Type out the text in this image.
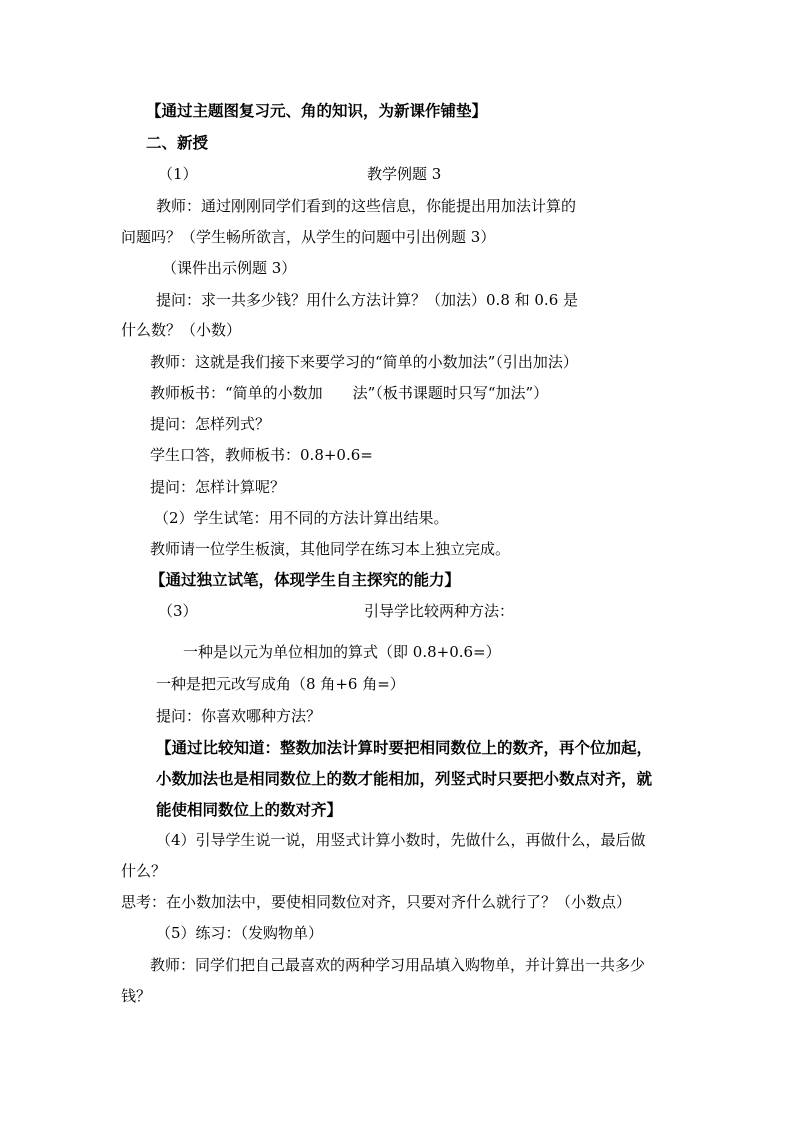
【通过主题图复习元、角的知识，为新课作铺垫】
二、新授
（1）	教学例题 3
教师：通过刚刚同学们看到的这些信息，你能提出用加法计算的
问题吗？（学生畅所欲言，从学生的问题中引出例题 3）
（课件出示例题 3）
提问：求一共多少钱？用什么方法计算？（加法）0.8 和 0.6 是
什么数？（小数）
教师：这就是我们接下来要学习的“简单的小数加法”（引出加法）
教师板书：“简单的小数加　　法”（板书课题时只写“加法”）
提问：怎样列式？
学生口答，教师板书：0.8+0.6=
提问：怎样计算呢？
（2）学生试笔：用不同的方法计算出结果。
教师请一位学生板演，其他同学在练习本上独立完成。
【通过独立试笔，体现学生自主探究的能力】
（3）	引导学比较两种方法：
一种是以元为单位相加的算式（即 0.8+0.6=）
一种是把元改写成角（8 角+6 角=）
提问：你喜欢哪种方法？
【通过比较知道：整数加法计算时要把相同数位上的数齐，再个位加起，
小数加法也是相同数位上的数才能相加，列竖式时只要把小数点对齐，就
能使相同数位上的数对齐】
（4）引导学生说一说，用竖式计算小数时，先做什么，再做什么，最后做
什么？
思考：在小数加法中，要使相同数位对齐，只要对齐什么就行了？（小数点）
（5）练习：（发购物单）
教师：同学们把自己最喜欢的两种学习用品填入购物单，并计算出一共多少
钱？
